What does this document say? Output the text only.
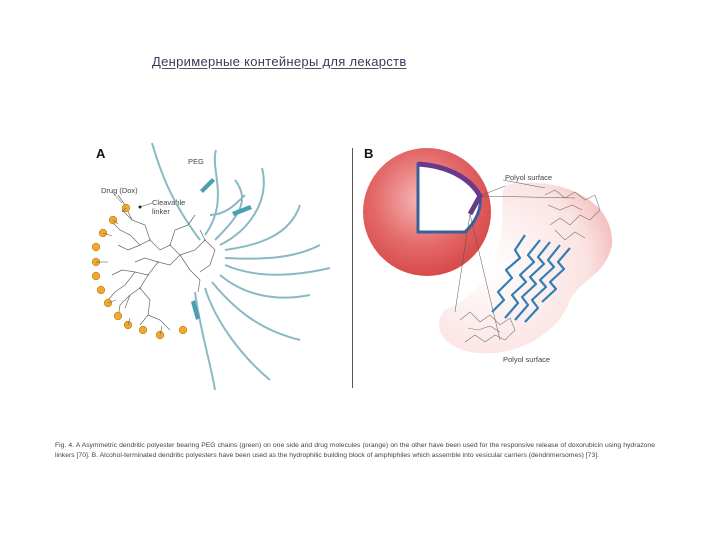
Денримерные контейнеры для лекарств
A
PEG
Drug (Dox)
Cleavable
linker
B
Polyol surface
Polyol surface
Fig. 4. A Asymmetric dendritic polyester bearing PEG chains (green) on one side and drug molecules (orange) on the other have been used for the responsive release of doxorubicin using hydrazone linkers [70]. B. Alcohol-terminated dendritic polyesters have been used as the hydrophilic building block of amphiphiles which assemble into vesicular carriers (dendrimersomes) [73].
